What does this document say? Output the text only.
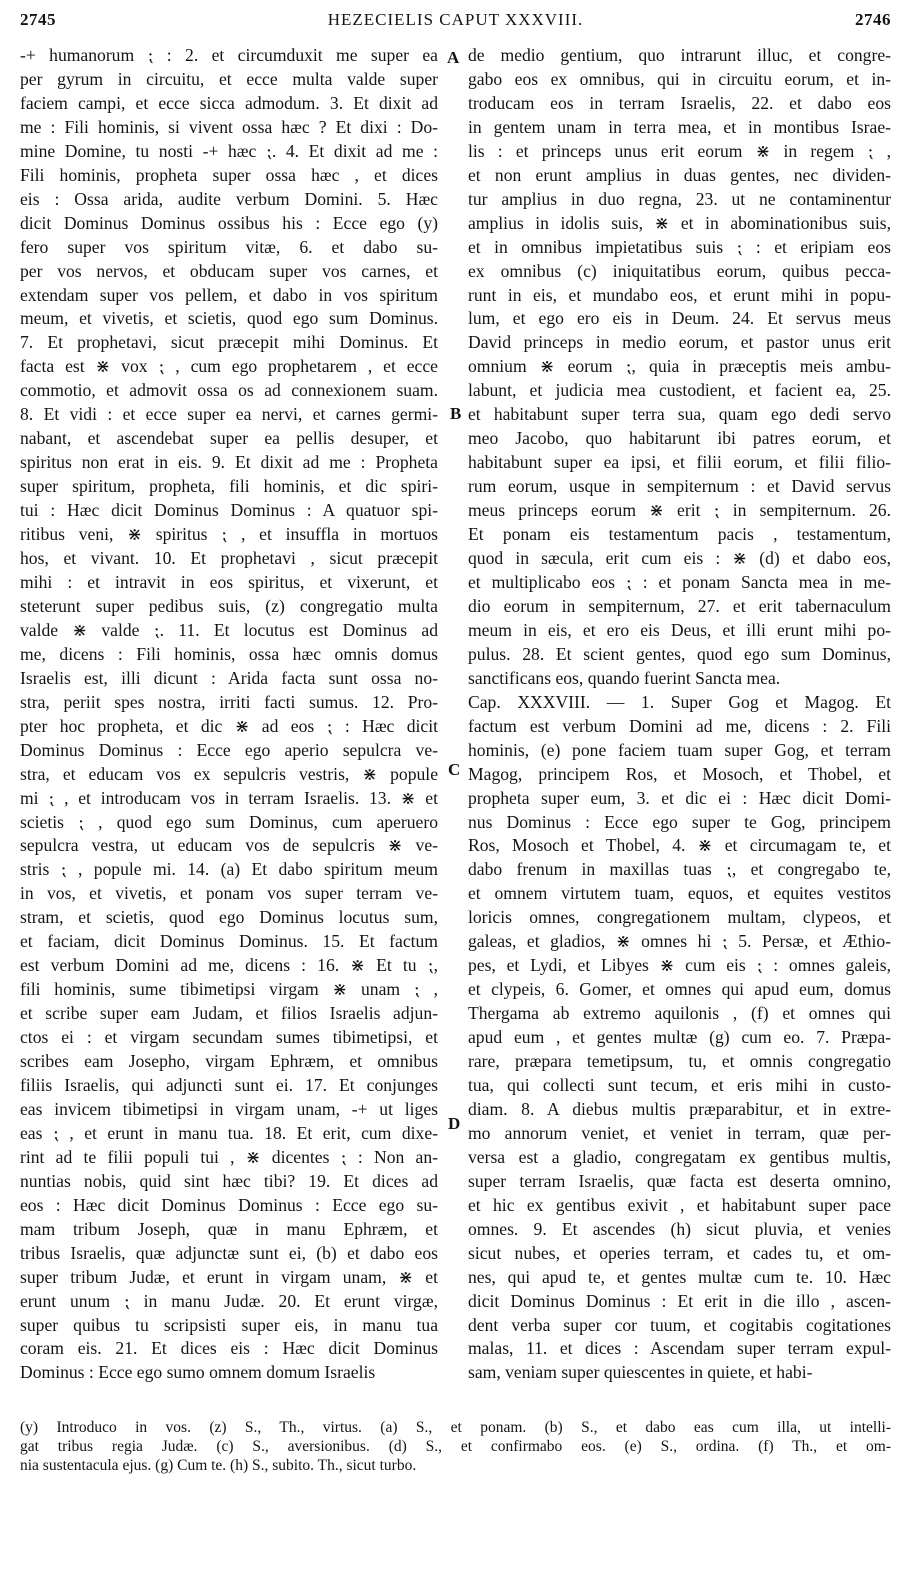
2745	HEZECIELIS CAPUT XXXVIII.	2746
-+ humanorum ⁏ : 2. et circumduxit me super ea
per gyrum in circuitu, et ecce multa valde super
faciem campi, et ecce sicca admodum. 3. Et dixit ad
me : Fili hominis, si vivent ossa hæc ? Et dixi : Do-
mine Domine, tu nosti -+ hæc ⁏. 4. Et dixit ad me :
Fili hominis, propheta super ossa hæc , et dices
eis : Ossa arida, audite verbum Domini. 5. Hæc
dicit Dominus Dominus ossibus his : Ecce ego (y)
fero super vos spiritum vitæ, 6. et dabo su-
per vos nervos, et obducam super vos carnes, et
extendam super vos pellem, et dabo in vos spiritum
meum, et vivetis, et scietis, quod ego sum Dominus.
7. Et prophetavi, sicut præcepit mihi Dominus. Et
facta est ⋇ vox ⁏ , cum ego prophetarem , et ecce
commotio, et admovit ossa os ad connexionem suam.
8. Et vidi : et ecce super ea nervi, et carnes germi-
nabant, et ascendebat super ea pellis desuper, et
spiritus non erat in eis. 9. Et dixit ad me : Propheta
super spiritum, propheta, fili hominis, et dic spiri-
tui : Hæc dicit Dominus Dominus : A quatuor spi-
ritibus veni, ⋇ spiritus ⁏ , et insuffla in mortuos
hos, et vivant. 10. Et prophetavi , sicut præcepit
mihi : et intravit in eos spiritus, et vixerunt, et
steterunt super pedibus suis, (z) congregatio multa
valde ⋇ valde ⁏. 11. Et locutus est Dominus ad
me, dicens : Fili hominis, ossa hæc omnis domus
Israelis est, illi dicunt : Arida facta sunt ossa no-
stra, periit spes nostra, irriti facti sumus. 12. Pro-
pter hoc propheta, et dic ⋇ ad eos ⁏ : Hæc dicit
Dominus Dominus : Ecce ego aperio sepulcra ve-
stra, et educam vos ex sepulcris vestris, ⋇ popule
mi ⁏ , et introducam vos in terram Israelis. 13. ⋇ et
scietis ⁏ , quod ego sum Dominus, cum aperuero
sepulcra vestra, ut educam vos de sepulcris ⋇ ve-
stris ⁏ , popule mi. 14. (a) Et dabo spiritum meum
in vos, et vivetis, et ponam vos super terram ve-
stram, et scietis, quod ego Dominus locutus sum,
et faciam, dicit Dominus Dominus. 15. Et factum
est verbum Domini ad me, dicens : 16. ⋇ Et tu ⁏,
fili hominis, sume tibimetipsi virgam ⋇ unam ⁏ ,
et scribe super eam Judam, et filios Israelis adjun-
ctos ei : et virgam secundam sumes tibimetipsi, et
scribes eam Josepho, virgam Ephræm, et omnibus
filiis Israelis, qui adjuncti sunt ei. 17. Et conjunges
eas invicem tibimetipsi in virgam unam, -+ ut liges
eas ⁏ , et erunt in manu tua. 18. Et erit, cum dixe-
rint ad te filii populi tui , ⋇ dicentes ⁏ : Non an-
nuntias nobis, quid sint hæc tibi? 19. Et dices ad
eos : Hæc dicit Dominus Dominus : Ecce ego su-
mam tribum Joseph, quæ in manu Ephræm, et
tribus Israelis, quæ adjunctæ sunt ei, (b) et dabo eos
super tribum Judæ, et erunt in virgam unam, ⋇ et
erunt unum ⁏ in manu Judæ. 20. Et erunt virgæ,
super quibus tu scripsisti super eis, in manu tua
coram eis. 21. Et dices eis : Hæc dicit Dominus
Dominus : Ecce ego sumo omnem domum Israelis
de medio gentium, quo intrarunt illuc, et congre-
gabo eos ex omnibus, qui in circuitu eorum, et in-
troducam eos in terram Israelis, 22. et dabo eos
in gentem unam in terra mea, et in montibus Israe-
lis : et princeps unus erit eorum ⋇ in regem ⁏ ,
et non erunt amplius in duas gentes, nec dividen-
tur amplius in duo regna, 23. ut ne contaminentur
amplius in idolis suis, ⋇ et in abominationibus suis,
et in omnibus impietatibus suis ⁏ : et eripiam eos
ex omnibus (c) iniquitatibus eorum, quibus pecca-
runt in eis, et mundabo eos, et erunt mihi in popu-
lum, et ego ero eis in Deum. 24. Et servus meus
David princeps in medio eorum, et pastor unus erit
omnium ⋇ eorum ⁏, quia in præceptis meis ambu-
labunt, et judicia mea custodient, et facient ea, 25.
et habitabunt super terra sua, quam ego dedi servo
meo Jacobo, quo habitarunt ibi patres eorum, et
habitabunt super ea ipsi, et filii eorum, et filii filio-
rum eorum, usque in sempiternum : et David servus
meus princeps eorum ⋇ erit ⁏ in sempiternum. 26.
Et ponam eis testamentum pacis , testamentum,
quod in sæcula, erit cum eis : ⋇ (d) et dabo eos,
et multiplicabo eos ⁏ : et ponam Sancta mea in me-
dio eorum in sempiternum, 27. et erit tabernaculum
meum in eis, et ero eis Deus, et illi erunt mihi po-
pulus. 28. Et scient gentes, quod ego sum Dominus,
sanctificans eos, quando fuerint Sancta mea.
Cap. XXXVIII. — 1. Super Gog et Magog. Et
factum est verbum Domini ad me, dicens : 2. Fili
hominis, (e) pone faciem tuam super Gog, et terram
Magog, principem Ros, et Mosoch, et Thobel, et
propheta super eum, 3. et dic ei : Hæc dicit Domi-
nus Dominus : Ecce ego super te Gog, principem
Ros, Mosoch et Thobel, 4. ⋇ et circumagam te, et
dabo frenum in maxillas tuas ⁏, et congregabo te,
et omnem virtutem tuam, equos, et equites vestitos
loricis omnes, congregationem multam, clypeos, et
galeas, et gladios, ⋇ omnes hi ⁏ 5. Persæ, et Æthio-
pes, et Lydi, et Libyes ⋇ cum eis ⁏ : omnes galeis,
et clypeis, 6. Gomer, et omnes qui apud eum, domus
Thergama ab extremo aquilonis , (f) et omnes qui
apud eum , et gentes multæ (g) cum eo. 7. Præpa-
rare, præpara temetipsum, tu, et omnis congregatio
tua, qui collecti sunt tecum, et eris mihi in custo-
diam. 8. A diebus multis præparabitur, et in extre-
mo annorum veniet, et veniet in terram, quæ per-
versa est a gladio, congregatam ex gentibus multis,
super terram Israelis, quæ facta est deserta omnino,
et hic ex gentibus exivit , et habitabunt super pace
omnes. 9. Et ascendes (h) sicut pluvia, et venies
sicut nubes, et operies terram, et cades tu, et om-
nes, qui apud te, et gentes multæ cum te. 10. Hæc
dicit Dominus Dominus : Et erit in die illo , ascen-
dent verba super cor tuum, et cogitabis cogitationes
malas, 11. et dices : Ascendam super terram expul-
sam, veniam super quiescentes in quiete, et habi-
A
B
C
D
(y) Introduco in vos. (z) S., Th., virtus. (a) S., et ponam. (b) S., et dabo eas cum illa, ut intelli-
gat tribus regia Judæ. (c) S., aversionibus. (d) S., et confirmabo eos. (e) S., ordina. (f) Th., et om-
nia sustentacula ejus. (g) Cum te. (h) S., subito. Th., sicut turbo.
